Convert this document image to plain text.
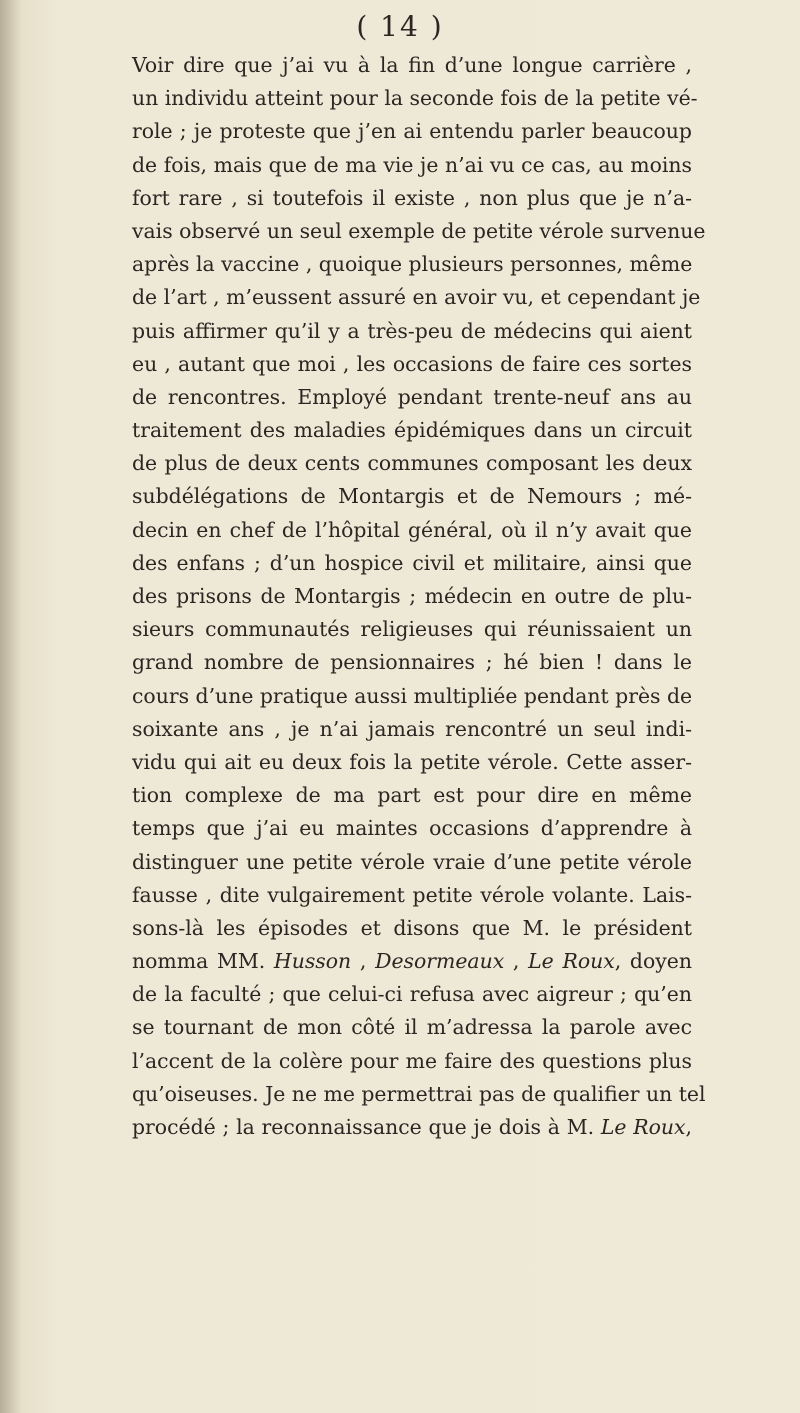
( 14 )
Voir dire que j’ai vu à la fin d’une longue carrière ,
un individu atteint pour la seconde fois de la petite vé-
role ; je proteste que j’en ai entendu parler beaucoup
de fois, mais que de ma vie je n’ai vu ce cas, au moins
fort rare , si toutefois il existe , non plus que je n’a-
vais observé un seul exemple de petite vérole survenue
après la vaccine , quoique plusieurs personnes, même
de l’art , m’eussent assuré en avoir vu, et cependant je
puis affirmer qu’il y a très-peu de médecins qui aient
eu , autant que moi , les occasions de faire ces sortes
de rencontres. Employé pendant trente-neuf ans au
traitement des maladies épidémiques dans un circuit
de plus de deux cents communes composant les deux
subdélégations de Montargis et de Nemours ; mé-
decin en chef de l’hôpital général, où il n’y avait que
des enfans ; d’un hospice civil et militaire, ainsi que
des prisons de Montargis ; médecin en outre de plu-
sieurs communautés religieuses qui réunissaient un
grand nombre de pensionnaires ; hé bien ! dans le
cours d’une pratique aussi multipliée pendant près de
soixante ans , je n’ai jamais rencontré un seul indi-
vidu qui ait eu deux fois la petite vérole. Cette asser-
tion complexe de ma part est pour dire en même
temps que j’ai eu maintes occasions d’apprendre à
distinguer une petite vérole vraie d’une petite vérole
fausse , dite vulgairement petite vérole volante. Lais-
sons-là les épisodes et disons que M. le président
nomma MM. Husson , Desormeaux , Le Roux, doyen
de la faculté ; que celui-ci refusa avec aigreur ; qu’en
se tournant de mon côté il m’adressa la parole avec
l’accent de la colère pour me faire des questions plus
qu’oiseuses. Je ne me permettrai pas de qualifier un tel
procédé ; la reconnaissance que je dois à M. Le Roux,
